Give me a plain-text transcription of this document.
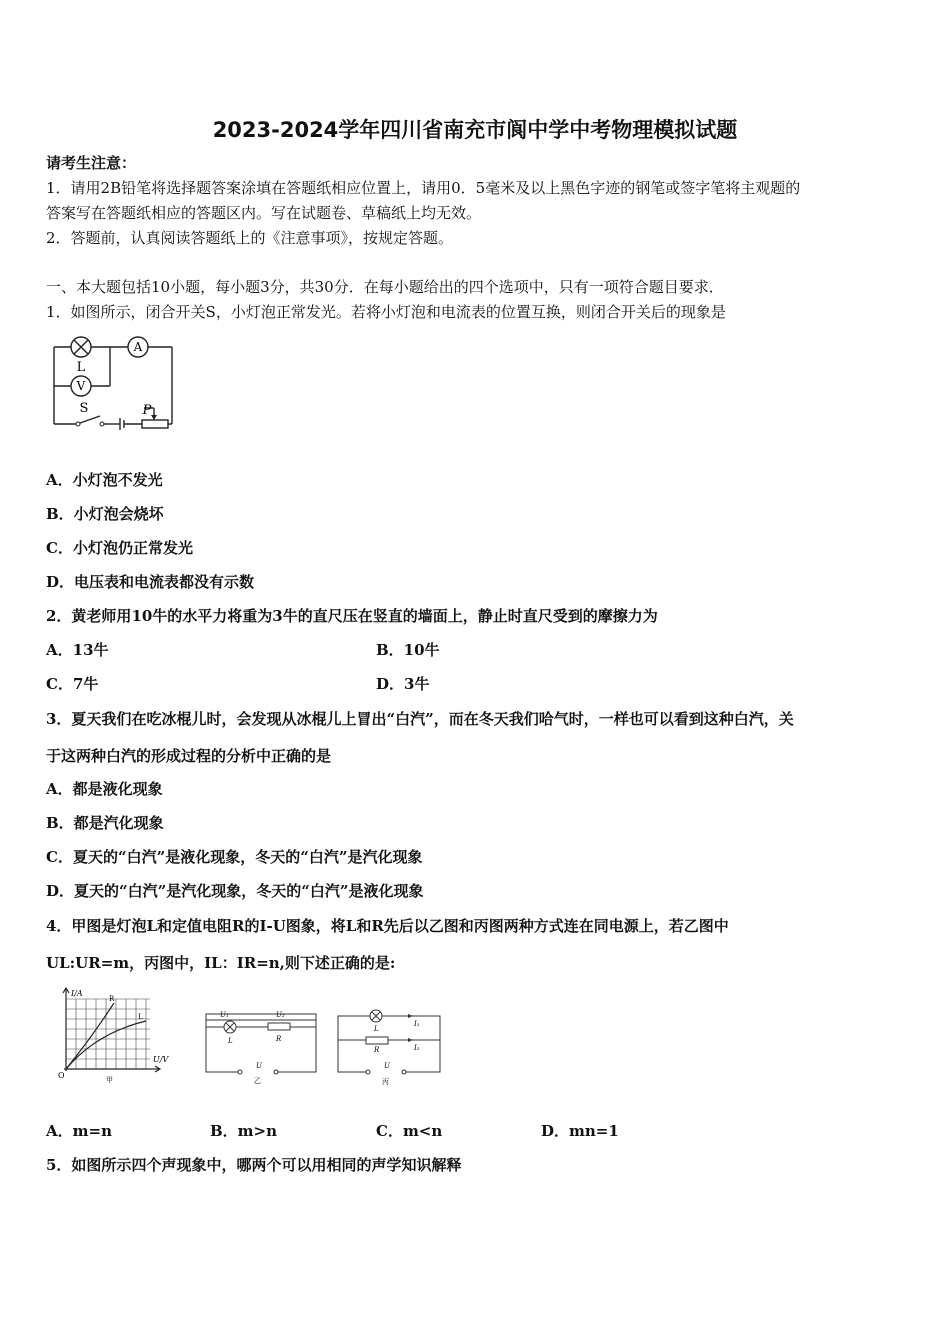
2023-2024学年四川省南充市阆中学中考物理模拟试题
请考生注意：
1．请用2B铅笔将选择题答案涂填在答题纸相应位置上，请用0．5毫米及以上黑色字迹的钢笔或签字笔将主观题的
答案写在答题纸相应的答题区内。写在试题卷、草稿纸上均无效。
2．答题前，认真阅读答题纸上的《注意事项》，按规定答题。
一、本大题包括10小题，每小题3分，共30分．在每小题给出的四个选项中，只有一项符合题目要求．
1．如图所示，闭合开关S，小灯泡正常发光。若将小灯泡和电流表的位置互换，则闭合开关后的现象是
A
V
L
S	P
A．小灯泡不发光
B．小灯泡会烧坏
C．小灯泡仍正常发光
D．电压表和电流表都没有示数
2．黄老师用10牛的水平力将重为3牛的直尺压在竖直的墙面上，静止时直尺受到的摩擦力为
A．13牛	B．10牛
C．7牛	D．3牛
3．夏天我们在吃冰棍儿时，会发现从冰棍儿上冒出“白汽”，而在冬天我们哈气时，一样也可以看到这种白汽，关
于这两种白汽的形成过程的分析中正确的是
A．都是液化现象
B．都是汽化现象
C．夏天的“白汽”是液化现象，冬天的“白汽”是汽化现象
D．夏天的“白汽”是汽化现象，冬天的“白汽”是液化现象
4．甲图是灯泡L和定值电阻R的I-U图象，将L和R先后以乙图和丙图两种方式连在同电源上，若乙图中
UL:UR=m，丙图中，IL：IR=n,则下述正确的是:
I/A
U/V
O
R
L
甲
U₁	U₂
L	R
U
乙
L
R
I₁
I₂
U
丙
A．m=n	B．m>n	C．m<n	D．mn=1
5．如图所示四个声现象中，哪两个可以用相同的声学知识解释
